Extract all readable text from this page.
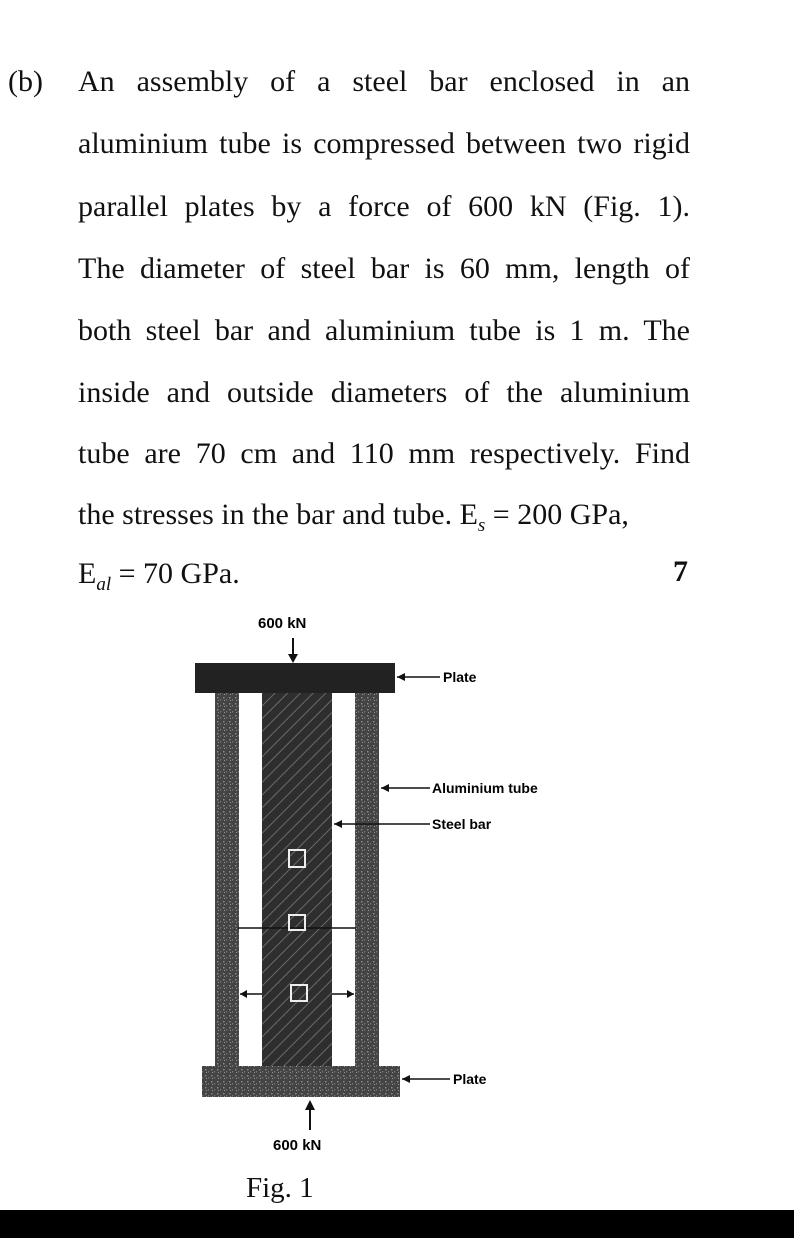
(b) An assembly of a steel bar enclosed in an
aluminium tube is compressed between two rigid
parallel plates by a force of 600 kN (Fig. 1).
The diameter of steel bar is 60 mm, length of
both steel bar and aluminium tube is 1 m. The
inside and outside diameters of the aluminium
tube are 70 cm and 110 mm respectively. Find
the stresses in the bar and tube. $E_s = 200$ GPa,
$E_{al} = 70$ GPa.	7
600 kN
Plate
Aluminium tube
Steel bar
Plate
600 kN
Fig. 1
